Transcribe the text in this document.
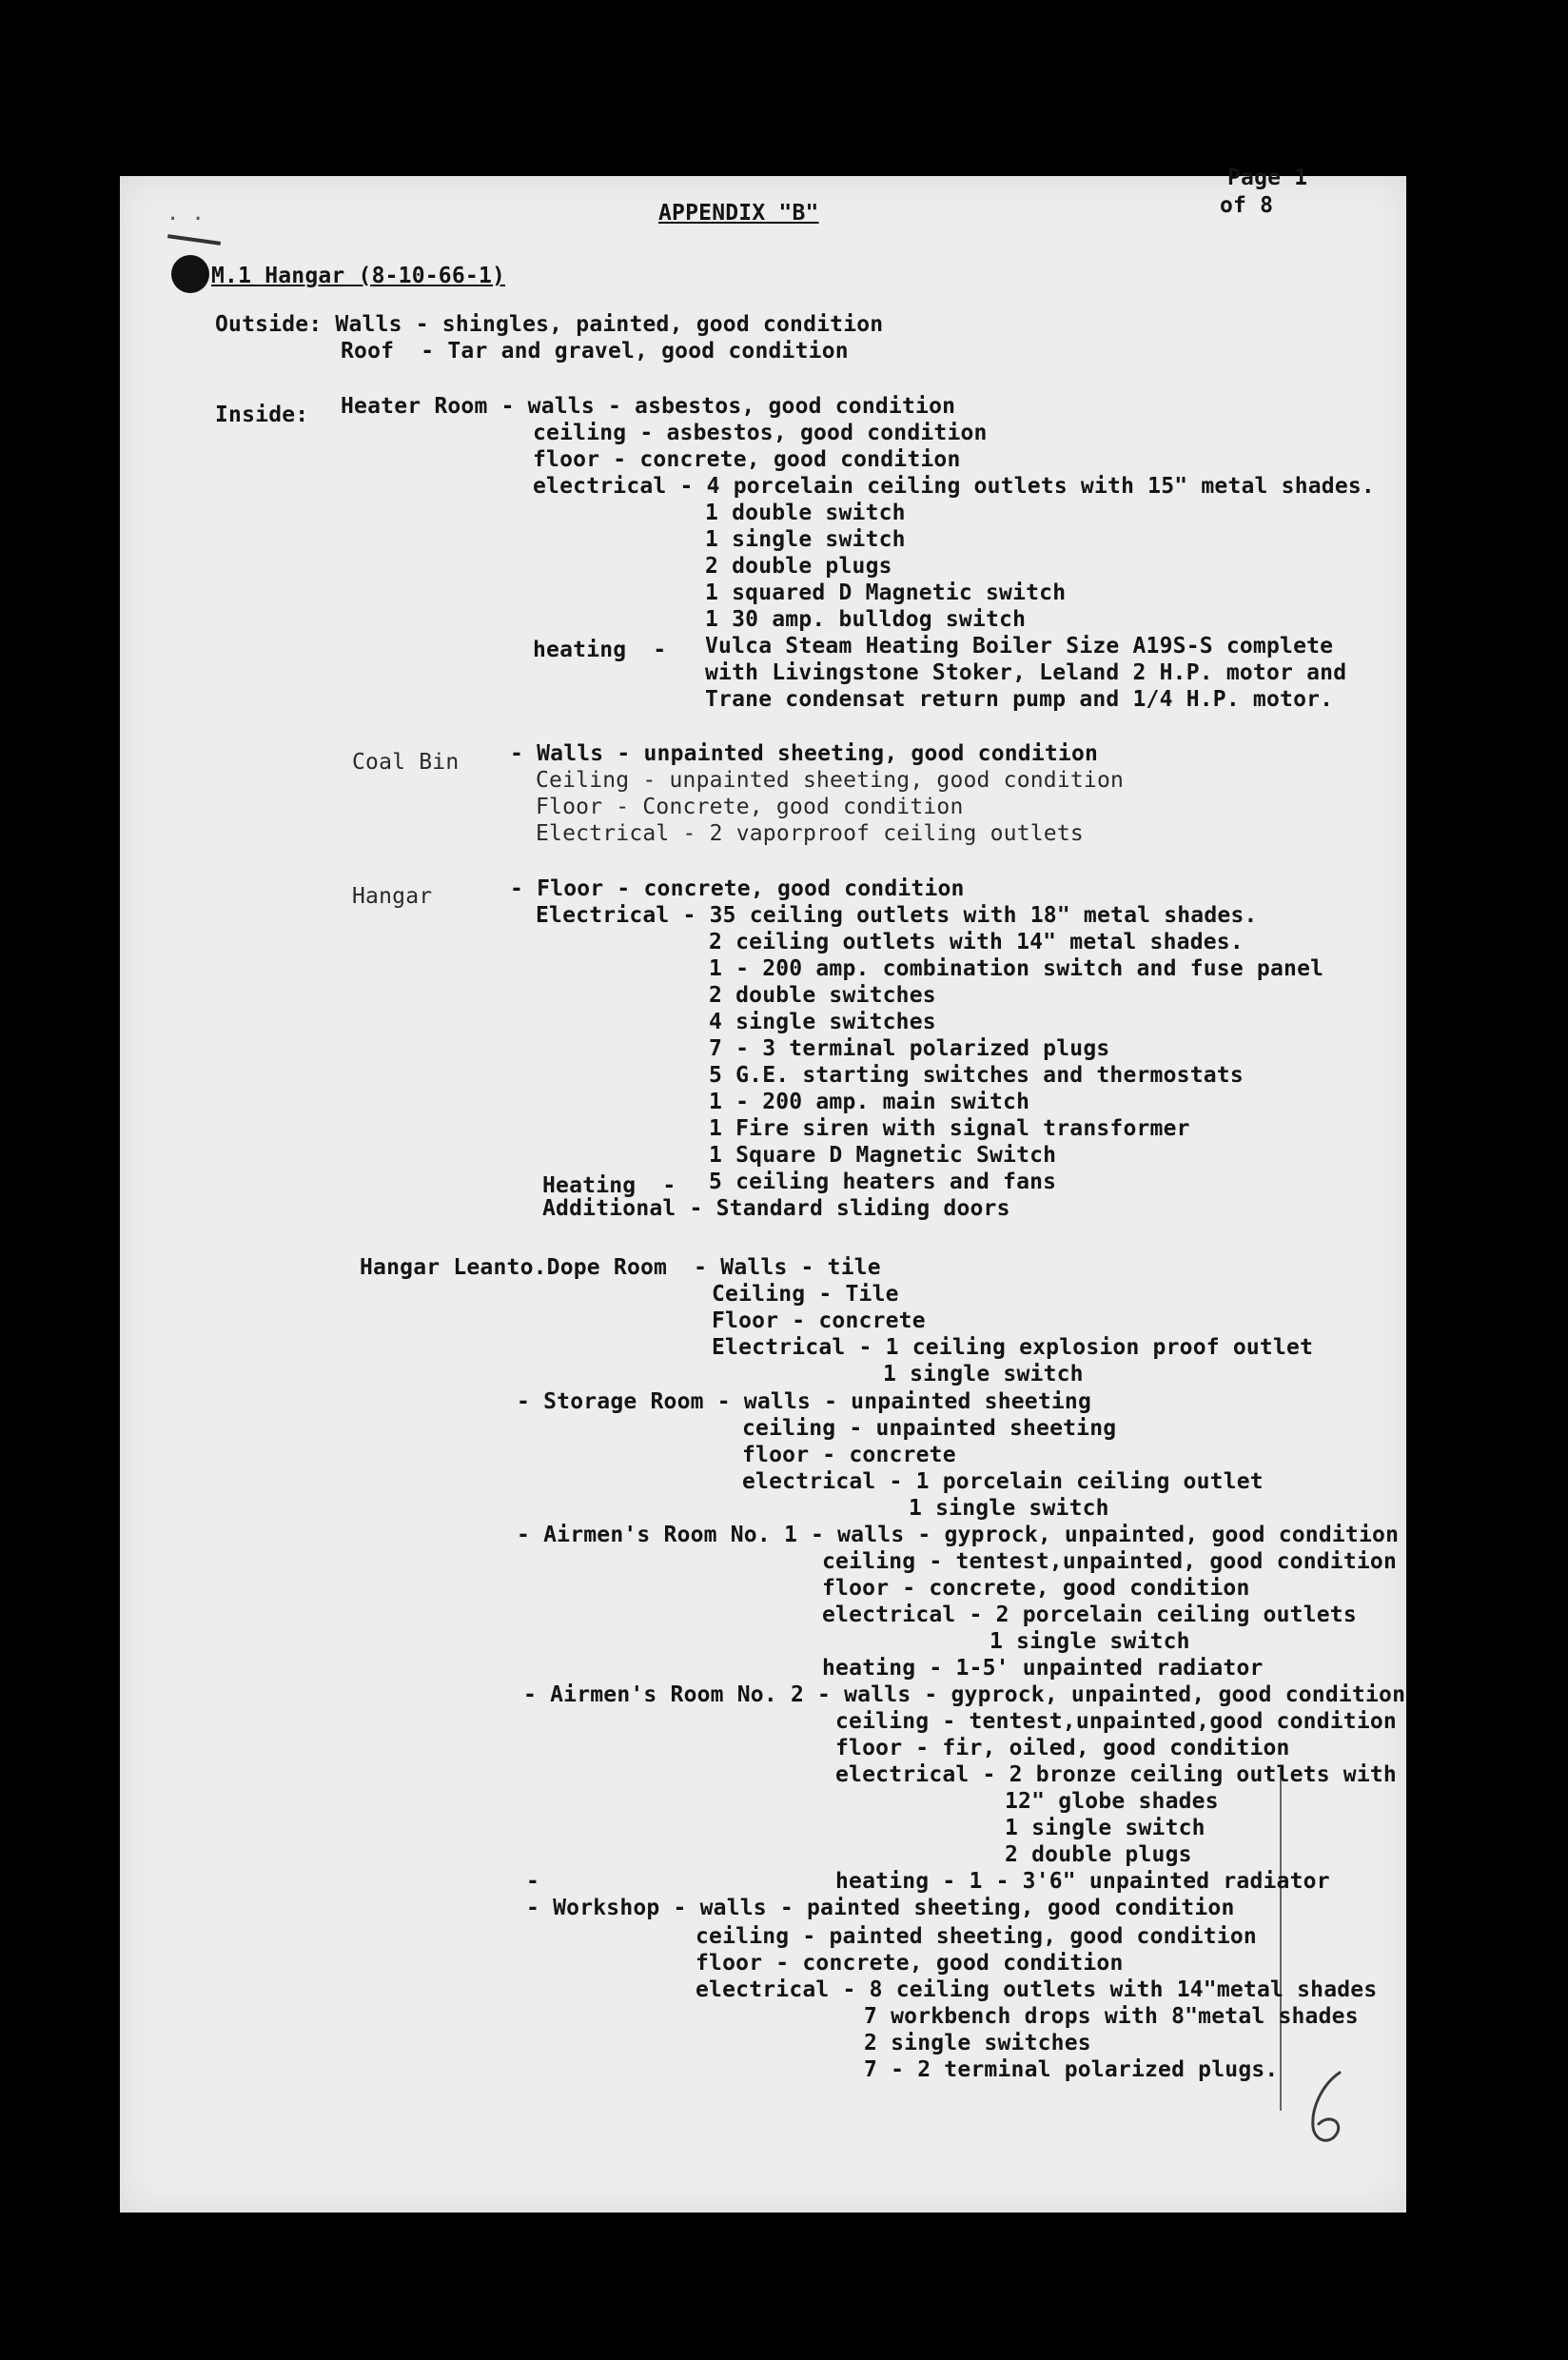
· ·
Page 1
of 8
APPENDIX "B"
M.1 Hangar (8-10-66-1)
Outside: Walls - shingles, painted, good condition
Roof  - Tar and gravel, good condition
Inside: Heater Room - walls - asbestos, good condition
ceiling - asbestos, good condition
floor - concrete, good condition
electrical - 4 porcelain ceiling outlets with 15" metal shades.
1 double switch
1 single switch
2 double plugs
1 squared D Magnetic switch
1 30 amp. bulldog switch
heating  - Vulca Steam Heating Boiler Size A19S-S complete
with Livingstone Stoker, Leland 2 H.P. motor and
Trane condensat return pump and 1/4 H.P. motor.
Coal Bin - Walls - unpainted sheeting, good condition
Ceiling - unpainted sheeting, good condition
Floor - Concrete, good condition
Electrical - 2 vaporproof ceiling outlets
Hangar	- Floor - concrete, good condition
Electrical - 35 ceiling outlets with 18" metal shades.
2 ceiling outlets with 14" metal shades.
1 - 200 amp. combination switch and fuse panel
2 double switches
4 single switches
7 - 3 terminal polarized plugs
5 G.E. starting switches and thermostats
1 - 200 amp. main switch
1 Fire siren with signal transformer
1 Square D Magnetic Switch
Heating  - 5 ceiling heaters and fans
Additional - Standard sliding doors
Hangar Leanto.Dope Room  - Walls - tile
Ceiling - Tile
Floor - concrete
Electrical - 1 ceiling explosion proof outlet
1 single switch
- Storage Room - walls - unpainted sheeting
ceiling - unpainted sheeting
floor - concrete
electrical - 1 porcelain ceiling outlet
1 single switch
- Airmen's Room No. 1 - walls - gyprock, unpainted, good condition
ceiling - tentest,unpainted, good condition
floor - concrete, good condition
electrical - 2 porcelain ceiling outlets
1 single switch
heating - 1-5' unpainted radiator
- Airmen's Room No. 2 - walls - gyprock, unpainted, good condition
ceiling - tentest,unpainted,good condition
floor - fir, oiled, good condition
electrical - 2 bronze ceiling outlets with
12" globe shades
1 single switch
2 double plugs
-	heating - 1 - 3'6" unpainted radiator
- Workshop - walls - painted sheeting, good condition
ceiling - painted sheeting, good condition
floor - concrete, good condition
electrical - 8 ceiling outlets with 14"metal shades
7 workbench drops with 8"metal shades
2 single switches
7 - 2 terminal polarized plugs.
